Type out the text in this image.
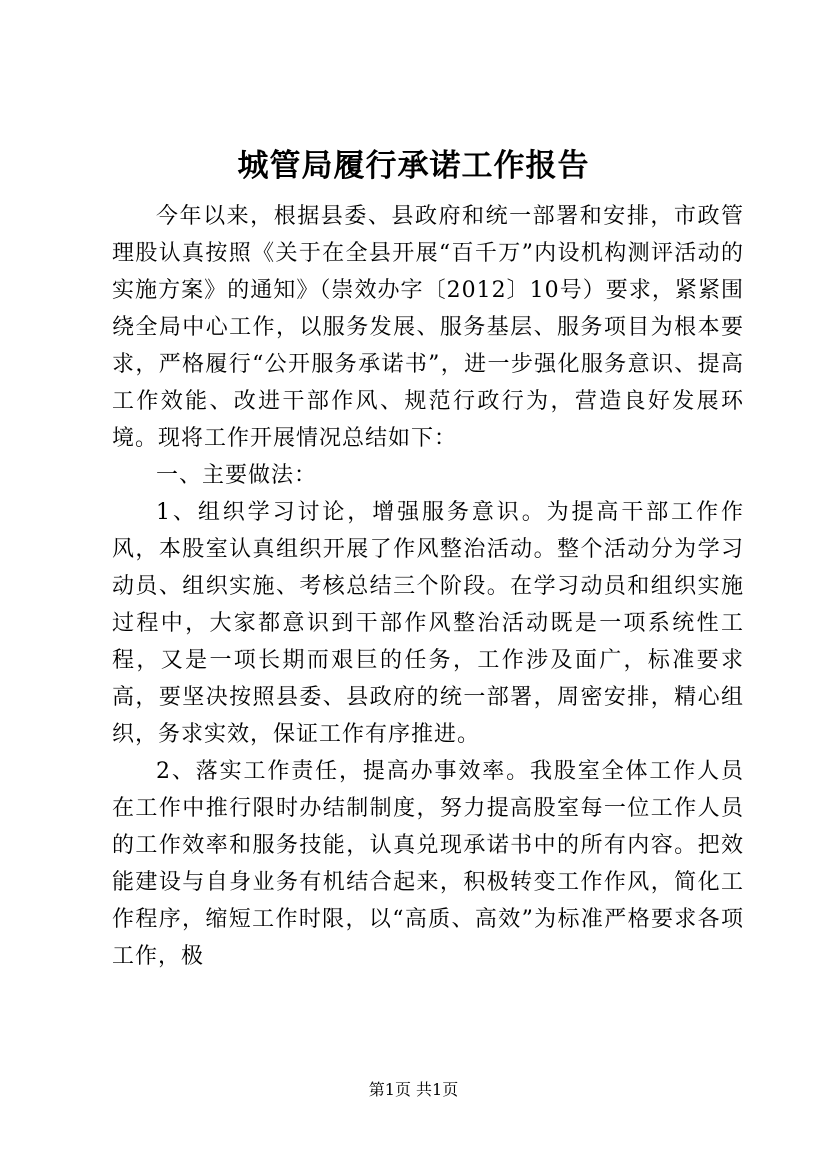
城管局履行承诺工作报告

今年以来，根据县委、县政府和统一部署和安排，市政管理股认真按照《关于在全县开展“百千万”内设机构测评活动的实施方案》的通知》（崇效办字〔2012〕10号）要求，紧紧围绕全局中心工作，以服务发展、服务基层、服务项目为根本要求，严格履行“公开服务承诺书”，进一步强化服务意识、提高工作效能、改进干部作风、规范行政行为，营造良好发展环境。现将工作开展情况总结如下：

一、主要做法：

1、组织学习讨论，增强服务意识。为提高干部工作作风，本股室认真组织开展了作风整治活动。整个活动分为学习动员、组织实施、考核总结三个阶段。在学习动员和组织实施过程中，大家都意识到干部作风整治活动既是一项系统性工程，又是一项长期而艰巨的任务，工作涉及面广，标准要求高，要坚决按照县委、县政府的统一部署，周密安排，精心组织，务求实效，保证工作有序推进。

2、落实工作责任，提高办事效率。我股室全体工作人员在工作中推行限时办结制制度，努力提高股室每一位工作人员的工作效率和服务技能，认真兑现承诺书中的所有内容。把效能建设与自身业务有机结合起来，积极转变工作作风，简化工作程序，缩短工作时限，以“高质、高效”为标准严格要求各项工作，极

第1页 共1页
